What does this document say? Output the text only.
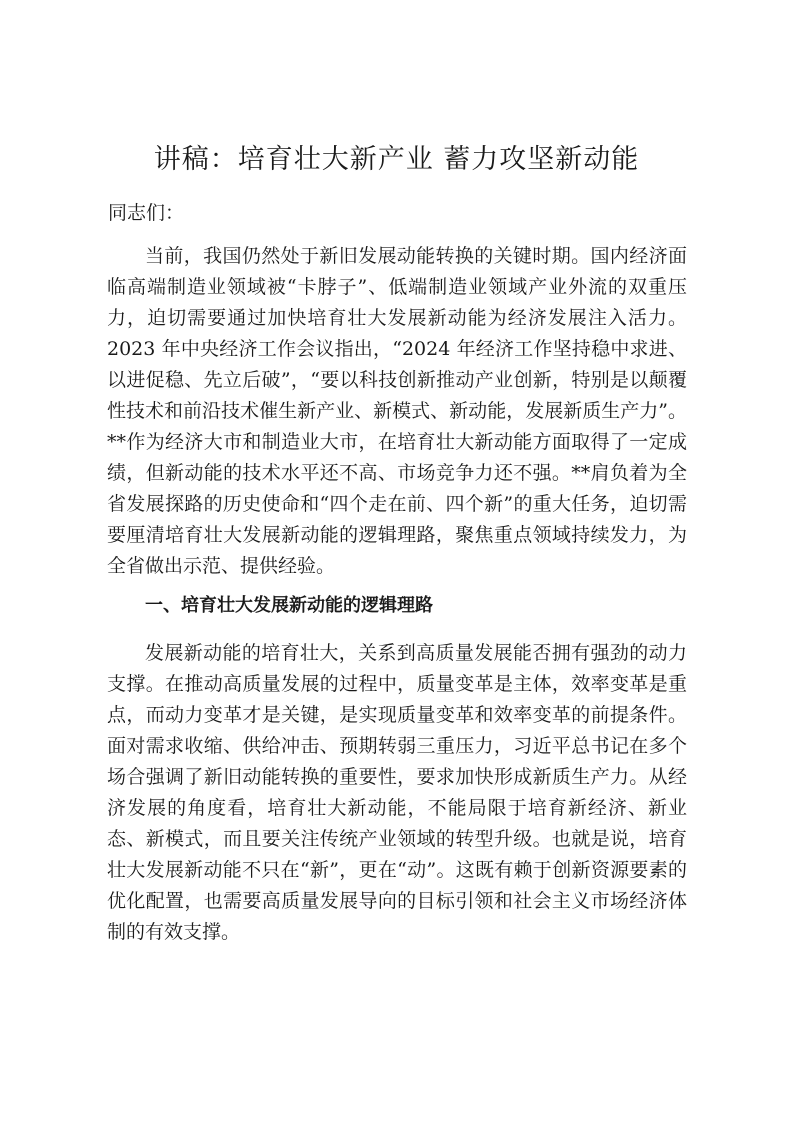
讲稿：培育壮大新产业 蓄力攻坚新动能

同志们：

当前，我国仍然处于新旧发展动能转换的关键时期。国内经济面临高端制造业领域被“卡脖子”、低端制造业领域产业外流的双重压力，迫切需要通过加快培育壮大发展新动能为经济发展注入活力。2023 年中央经济工作会议指出，“2024 年经济工作坚持稳中求进、以进促稳、先立后破”，“要以科技创新推动产业创新，特别是以颠覆性技术和前沿技术催生新产业、新模式、新动能，发展新质生产力”。**作为经济大市和制造业大市，在培育壮大新动能方面取得了一定成绩，但新动能的技术水平还不高、市场竞争力还不强。**肩负着为全省发展探路的历史使命和“四个走在前、四个新”的重大任务，迫切需要厘清培育壮大发展新动能的逻辑理路，聚焦重点领域持续发力，为全省做出示范、提供经验。

一、培育壮大发展新动能的逻辑理路

发展新动能的培育壮大，关系到高质量发展能否拥有强劲的动力支撑。在推动高质量发展的过程中，质量变革是主体，效率变革是重点，而动力变革才是关键，是实现质量变革和效率变革的前提条件。面对需求收缩、供给冲击、预期转弱三重压力，习近平总书记在多个场合强调了新旧动能转换的重要性，要求加快形成新质生产力。从经济发展的角度看，培育壮大新动能，不能局限于培育新经济、新业态、新模式，而且要关注传统产业领域的转型升级。也就是说，培育壮大发展新动能不只在“新”，更在“动”。这既有赖于创新资源要素的优化配置，也需要高质量发展导向的目标引领和社会主义市场经济体制的有效支撑。
